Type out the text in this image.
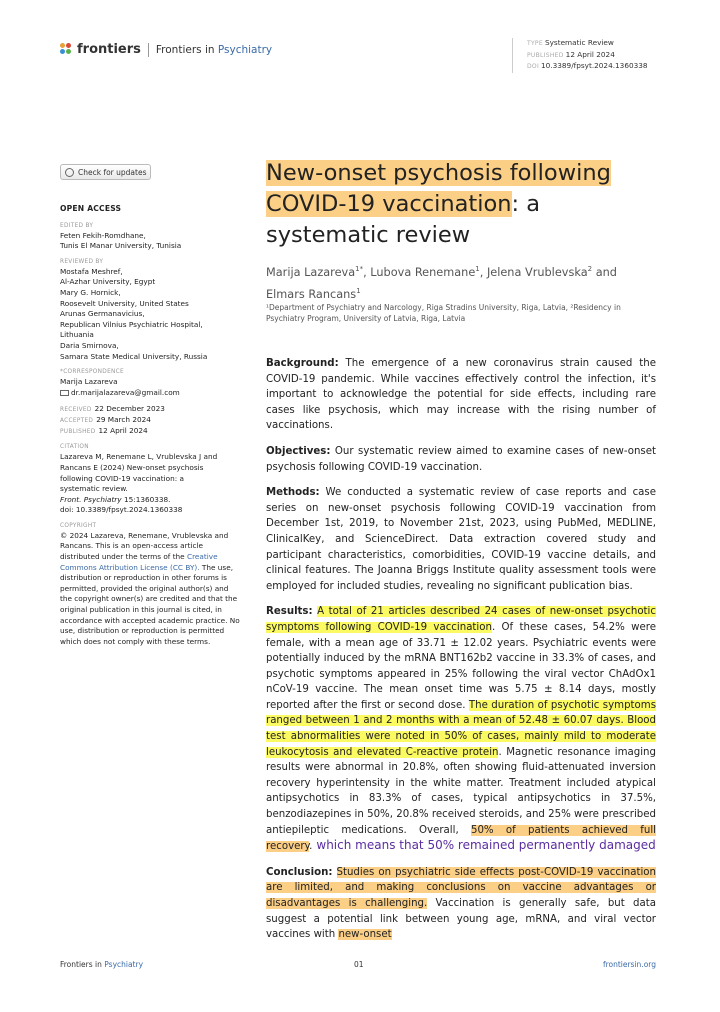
frontiers Frontiers in Psychiatry	TYPE Systematic Review
PUBLISHED 12 April 2024
DOI 10.3389/fpsyt.2024.1360338
Check for updates
OPEN ACCESS
EDITED BY
Feten Fekih-Romdhane,
Tunis El Manar University, Tunisia
REVIEWED BY
Mostafa Meshref,
Al-Azhar University, Egypt
Mary G. Hornick,
Roosevelt University, United States
Arunas Germanavicius,
Republican Vilnius Psychiatric Hospital,
Lithuania
Daria Smirnova,
Samara State Medical University, Russia
*CORRESPONDENCE
Marija Lazareva
dr.marijalazareva@gmail.com
RECEIVED 22 December 2023
ACCEPTED 29 March 2024
PUBLISHED 12 April 2024
CITATION
Lazareva M, Renemane L, Vrublevska J and
Rancans E (2024) New-onset psychosis
following COVID-19 vaccination: a
systematic review.
Front. Psychiatry 15:1360338.
doi: 10.3389/fpsyt.2024.1360338
COPYRIGHT
© 2024 Lazareva, Renemane, Vrublevska and Rancans. This is an open-access article distributed under the terms of the Creative Commons Attribution License (CC BY). The use, distribution or reproduction in other forums is permitted, provided the original author(s) and the copyright owner(s) are credited and that the original publication in this journal is cited, in accordance with accepted academic practice. No use, distribution or reproduction is permitted which does not comply with these terms.
New-onset psychosis following COVID-19 vaccination: a systematic review
Marija Lazareva$^{1*}$, Lubova Renemane$^1$, Jelena Vrublevska$^2$ and Elmars Rancans$^1$
¹Department of Psychiatry and Narcology, Riga Stradins University, Riga, Latvia, ²Residency in Psychiatry Program, University of Latvia, Riga, Latvia

Background: The emergence of a new coronavirus strain caused the COVID-19 pandemic. While vaccines effectively control the infection, it's important to acknowledge the potential for side effects, including rare cases like psychosis, which may increase with the rising number of vaccinations.

Objectives: Our systematic review aimed to examine cases of new-onset psychosis following COVID-19 vaccination.

Methods: We conducted a systematic review of case reports and case series on new-onset psychosis following COVID-19 vaccination from December 1st, 2019, to November 21st, 2023, using PubMed, MEDLINE, ClinicalKey, and ScienceDirect. Data extraction covered study and participant characteristics, comorbidities, COVID-19 vaccine details, and clinical features. The Joanna Briggs Institute quality assessment tools were employed for included studies, revealing no significant publication bias.

Results: A total of 21 articles described 24 cases of new-onset psychotic symptoms following COVID-19 vaccination. Of these cases, 54.2% were female, with a mean age of 33.71 ± 12.02 years. Psychiatric events were potentially induced by the mRNA BNT162b2 vaccine in 33.3% of cases, and psychotic symptoms appeared in 25% following the viral vector ChAdOx1 nCoV-19 vaccine. The mean onset time was 5.75 ± 8.14 days, mostly reported after the first or second dose. The duration of psychotic symptoms ranged between 1 and 2 months with a mean of 52.48 ± 60.07 days. Blood test abnormalities were noted in 50% of cases, mainly mild to moderate leukocytosis and elevated C-reactive protein. Magnetic resonance imaging results were abnormal in 20.8%, often showing fluid-attenuated inversion recovery hyperintensity in the white matter. Treatment included atypical antipsychotics in 83.3% of cases, typical antipsychotics in 37.5%, benzodiazepines in 50%, 20.8% received steroids, and 25% were prescribed antiepileptic medications. Overall, 50% of patients achieved full recovery. which means that 50% remained permanently damaged

Conclusion: Studies on psychiatric side effects post-COVID-19 vaccination are limited, and making conclusions on vaccine advantages or disadvantages is challenging. Vaccination is generally safe, but data suggest a potential link between young age, mRNA, and viral vector vaccines with new-onset

Frontiers in Psychiatry	01	frontiersin.org
